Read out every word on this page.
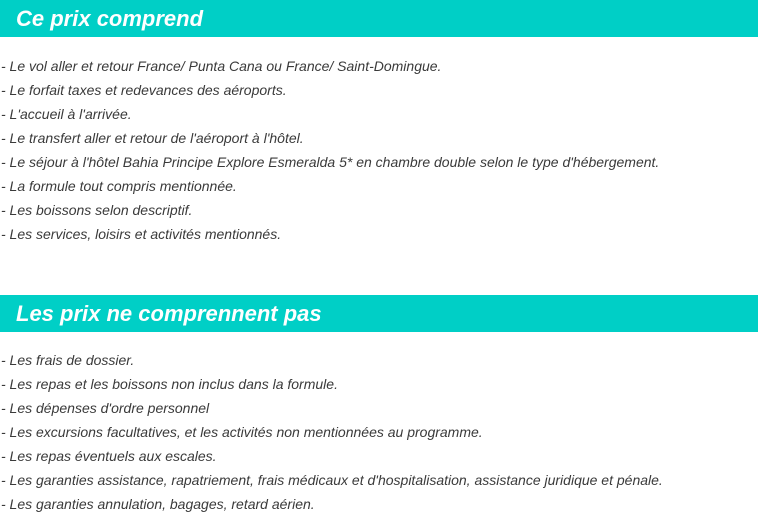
Ce prix comprend
- Le vol aller et retour France/ Punta Cana ou France/ Saint-Domingue.
- Le forfait taxes et redevances des aéroports.
- L'accueil à l'arrivée.
- Le transfert aller et retour de l'aéroport à l'hôtel.
- Le séjour à l'hôtel Bahia Principe Explore Esmeralda 5* en chambre double selon le type d'hébergement.
- La formule tout compris mentionnée.
- Les boissons selon descriptif.
- Les services, loisirs et activités mentionnés.
Les prix ne comprennent pas
- Les frais de dossier.
- Les repas et les boissons non inclus dans la formule.
- Les dépenses d'ordre personnel
- Les excursions facultatives, et les activités non mentionnées au programme.
- Les repas éventuels aux escales.
- Les garanties assistance, rapatriement, frais médicaux et d'hospitalisation, assistance juridique et pénale.
- Les garanties annulation, bagages, retard aérien.
